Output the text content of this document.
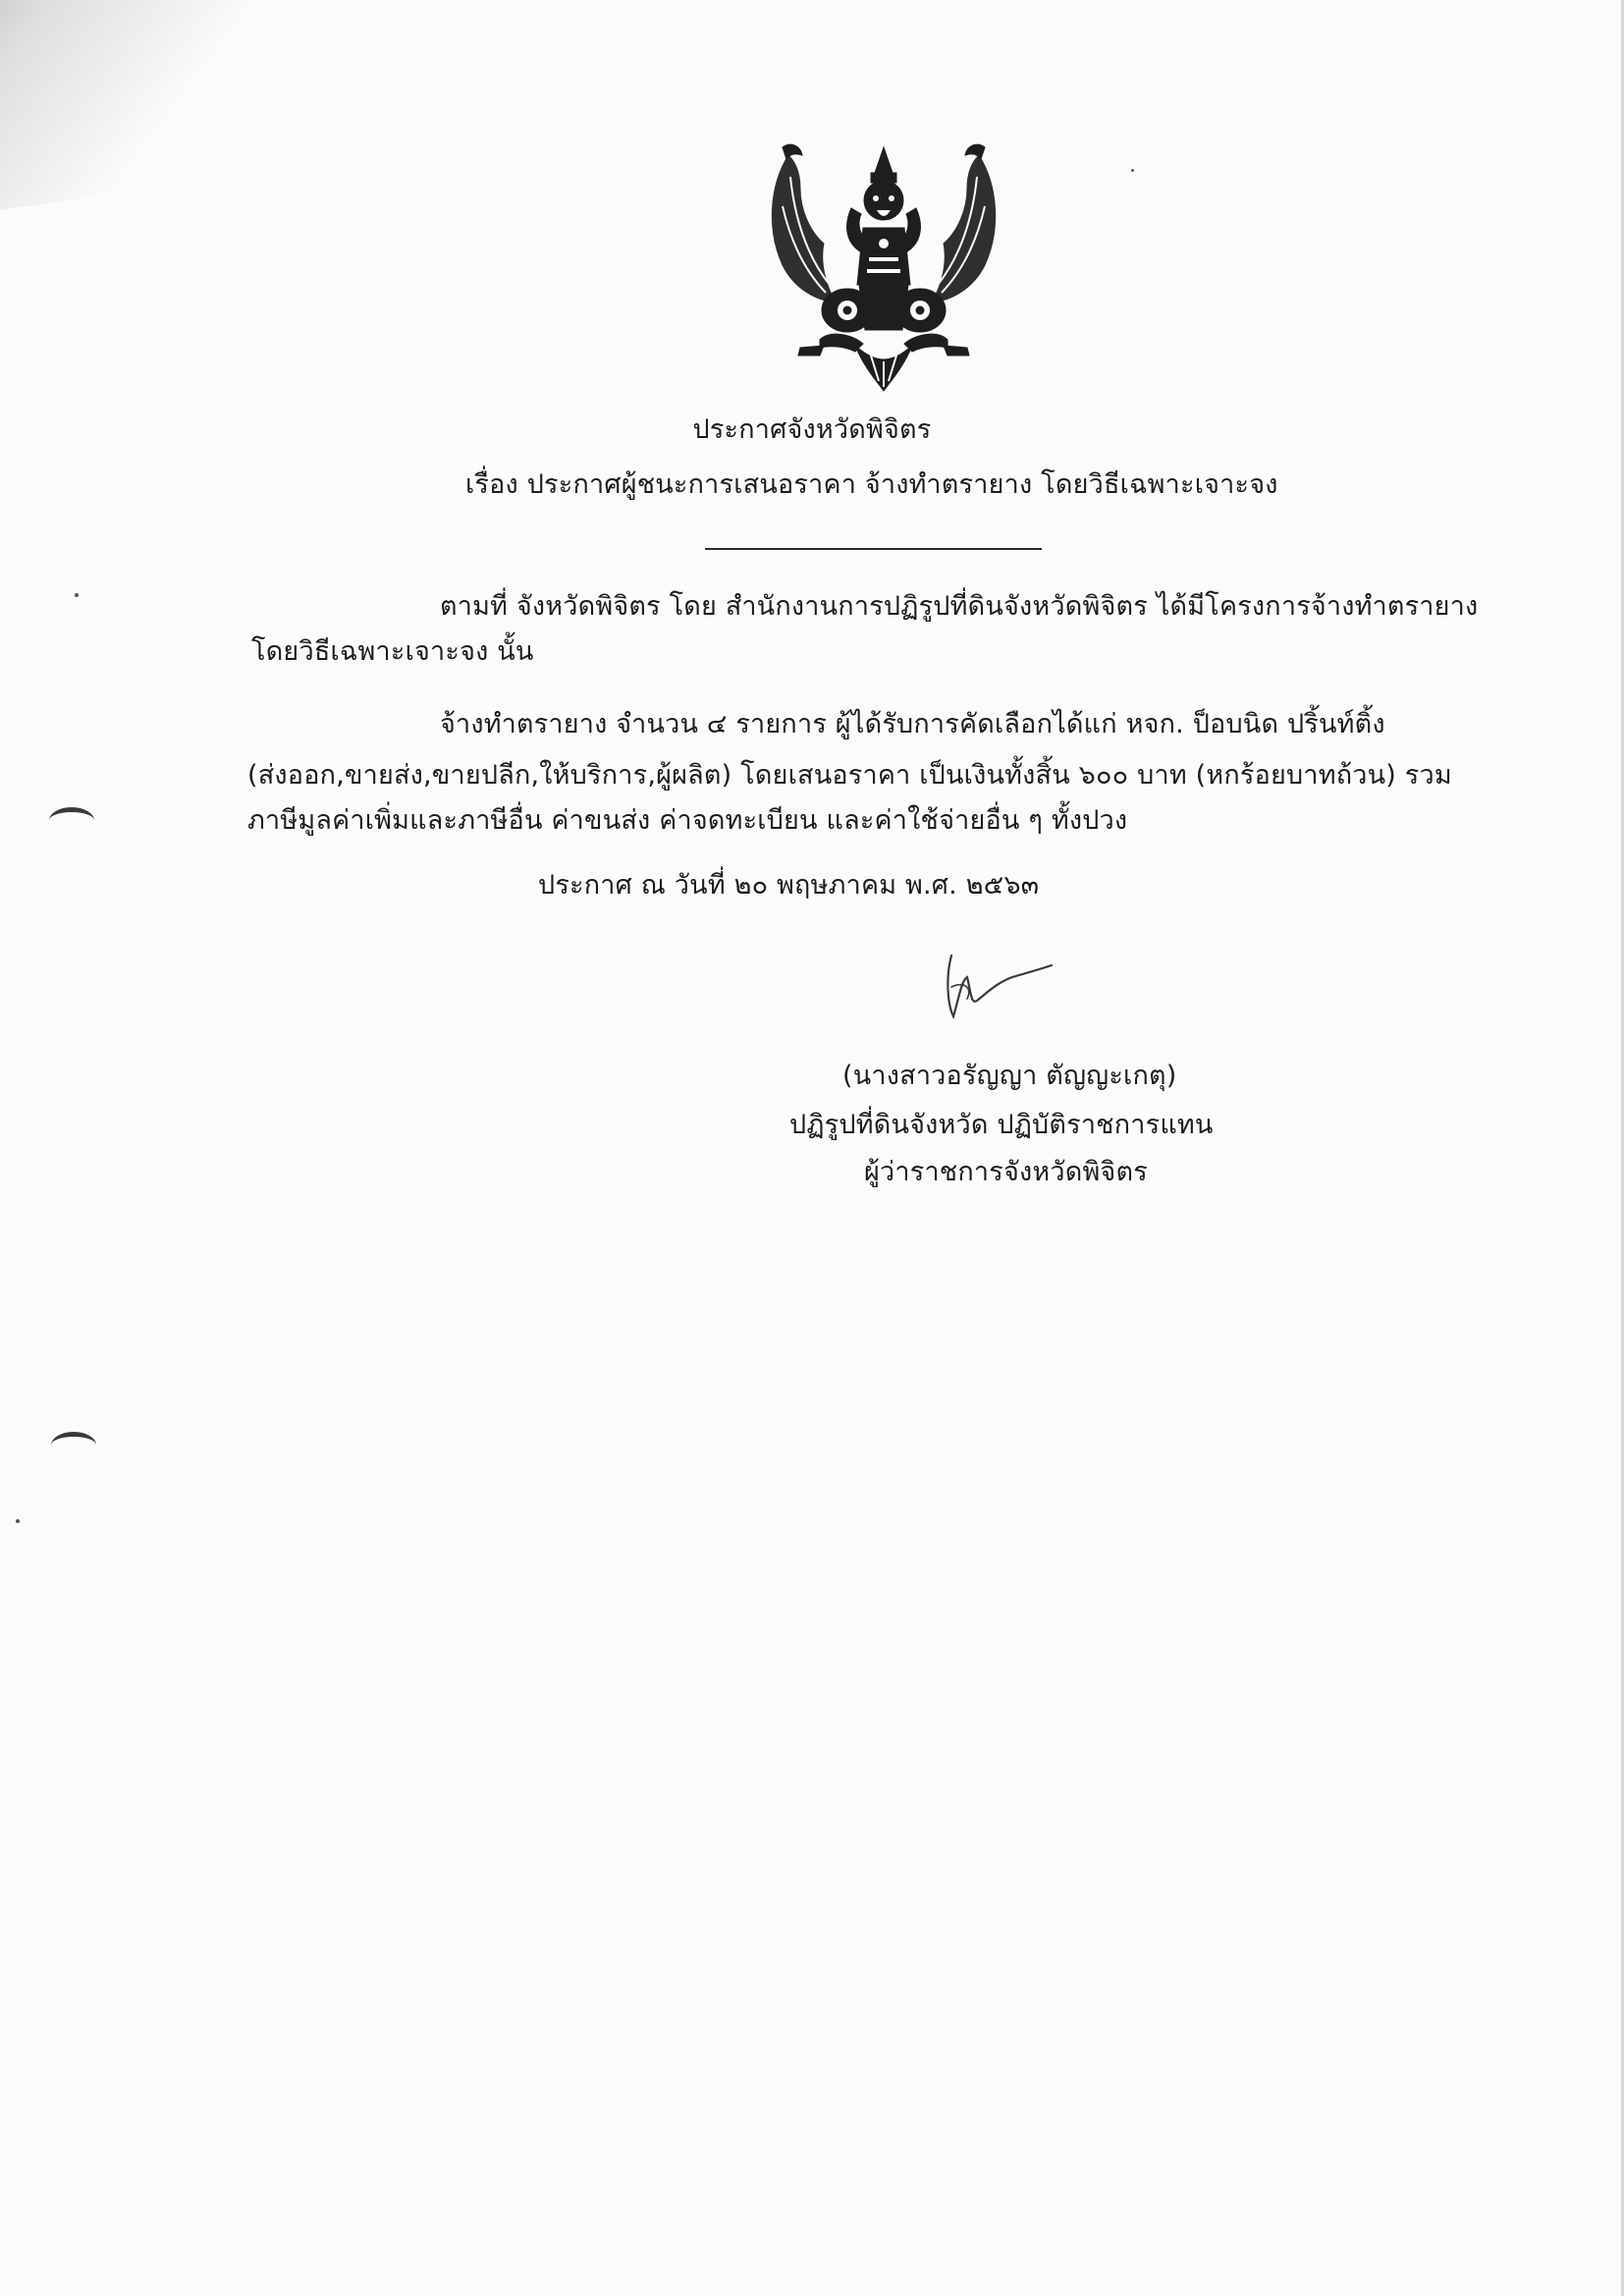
ประกาศจังหวัดพิจิตร
เรื่อง ประกาศผู้ชนะการเสนอราคา จ้างทำตรายาง โดยวิธีเฉพาะเจาะจง
ตามที่ จังหวัดพิจิตร โดย สำนักงานการปฏิรูปที่ดินจังหวัดพิจิตร ได้มีโครงการจ้างทำตรายาง
โดยวิธีเฉพาะเจาะจง นั้น
จ้างทำตรายาง จำนวน ๔ รายการ ผู้ได้รับการคัดเลือกได้แก่ หจก. ป็อบนิด ปริ้นท์ติ้ง
(ส่งออก,ขายส่ง,ขายปลีก,ให้บริการ,ผู้ผลิต) โดยเสนอราคา เป็นเงินทั้งสิ้น ๖๐๐ บาท (หกร้อยบาทถ้วน) รวม
ภาษีมูลค่าเพิ่มและภาษีอื่น ค่าขนส่ง ค่าจดทะเบียน และค่าใช้จ่ายอื่น ๆ ทั้งปวง
ประกาศ ณ วันที่ ๒๐ พฤษภาคม พ.ศ. ๒๕๖๓
(นางสาวอรัญญา ตัญญะเกตุ)
ปฏิรูปที่ดินจังหวัด ปฏิบัติราชการแทน
ผู้ว่าราชการจังหวัดพิจิตร
